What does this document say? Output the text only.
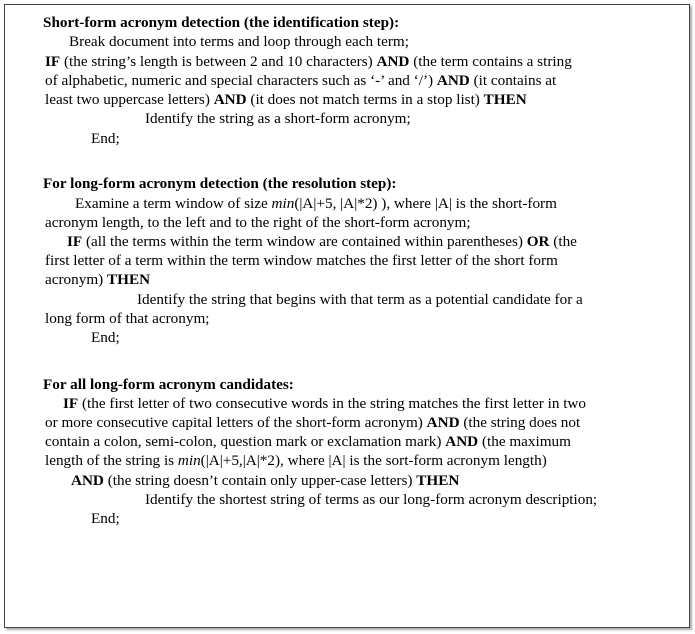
Short-form acronym detection (the identification step):
Break document into terms and loop through each term;
IF (the string’s length is between 2 and 10 characters) AND (the term contains a string
of alphabetic, numeric and special characters such as ‘-’ and ‘/’) AND (it contains at
least two uppercase letters) AND (it does not match terms in a stop list) THEN
Identify the string as a short-form acronym;
End;
For long-form acronym detection (the resolution step):
Examine a term window of size min(|A|+5, |A|*2) ), where |A| is the short-form
acronym length, to the left and to the right of the short-form acronym;
IF (all the terms within the term window are contained within parentheses) OR (the
first letter of a term within the term window matches the first letter of the short form
acronym) THEN
Identify the string that begins with that term as a potential candidate for a
long form of that acronym;
End;
For all long-form acronym candidates:
IF (the first letter of two consecutive words in the string matches the first letter in two
or more consecutive capital letters of the short-form acronym) AND (the string does not
contain a colon, semi-colon, question mark or exclamation mark) AND (the maximum
length of the string is min(|A|+5,|A|*2), where |A| is the sort-form acronym length)
AND (the string doesn’t contain only upper-case letters) THEN
Identify the shortest string of terms as our long-form acronym description;
End;
